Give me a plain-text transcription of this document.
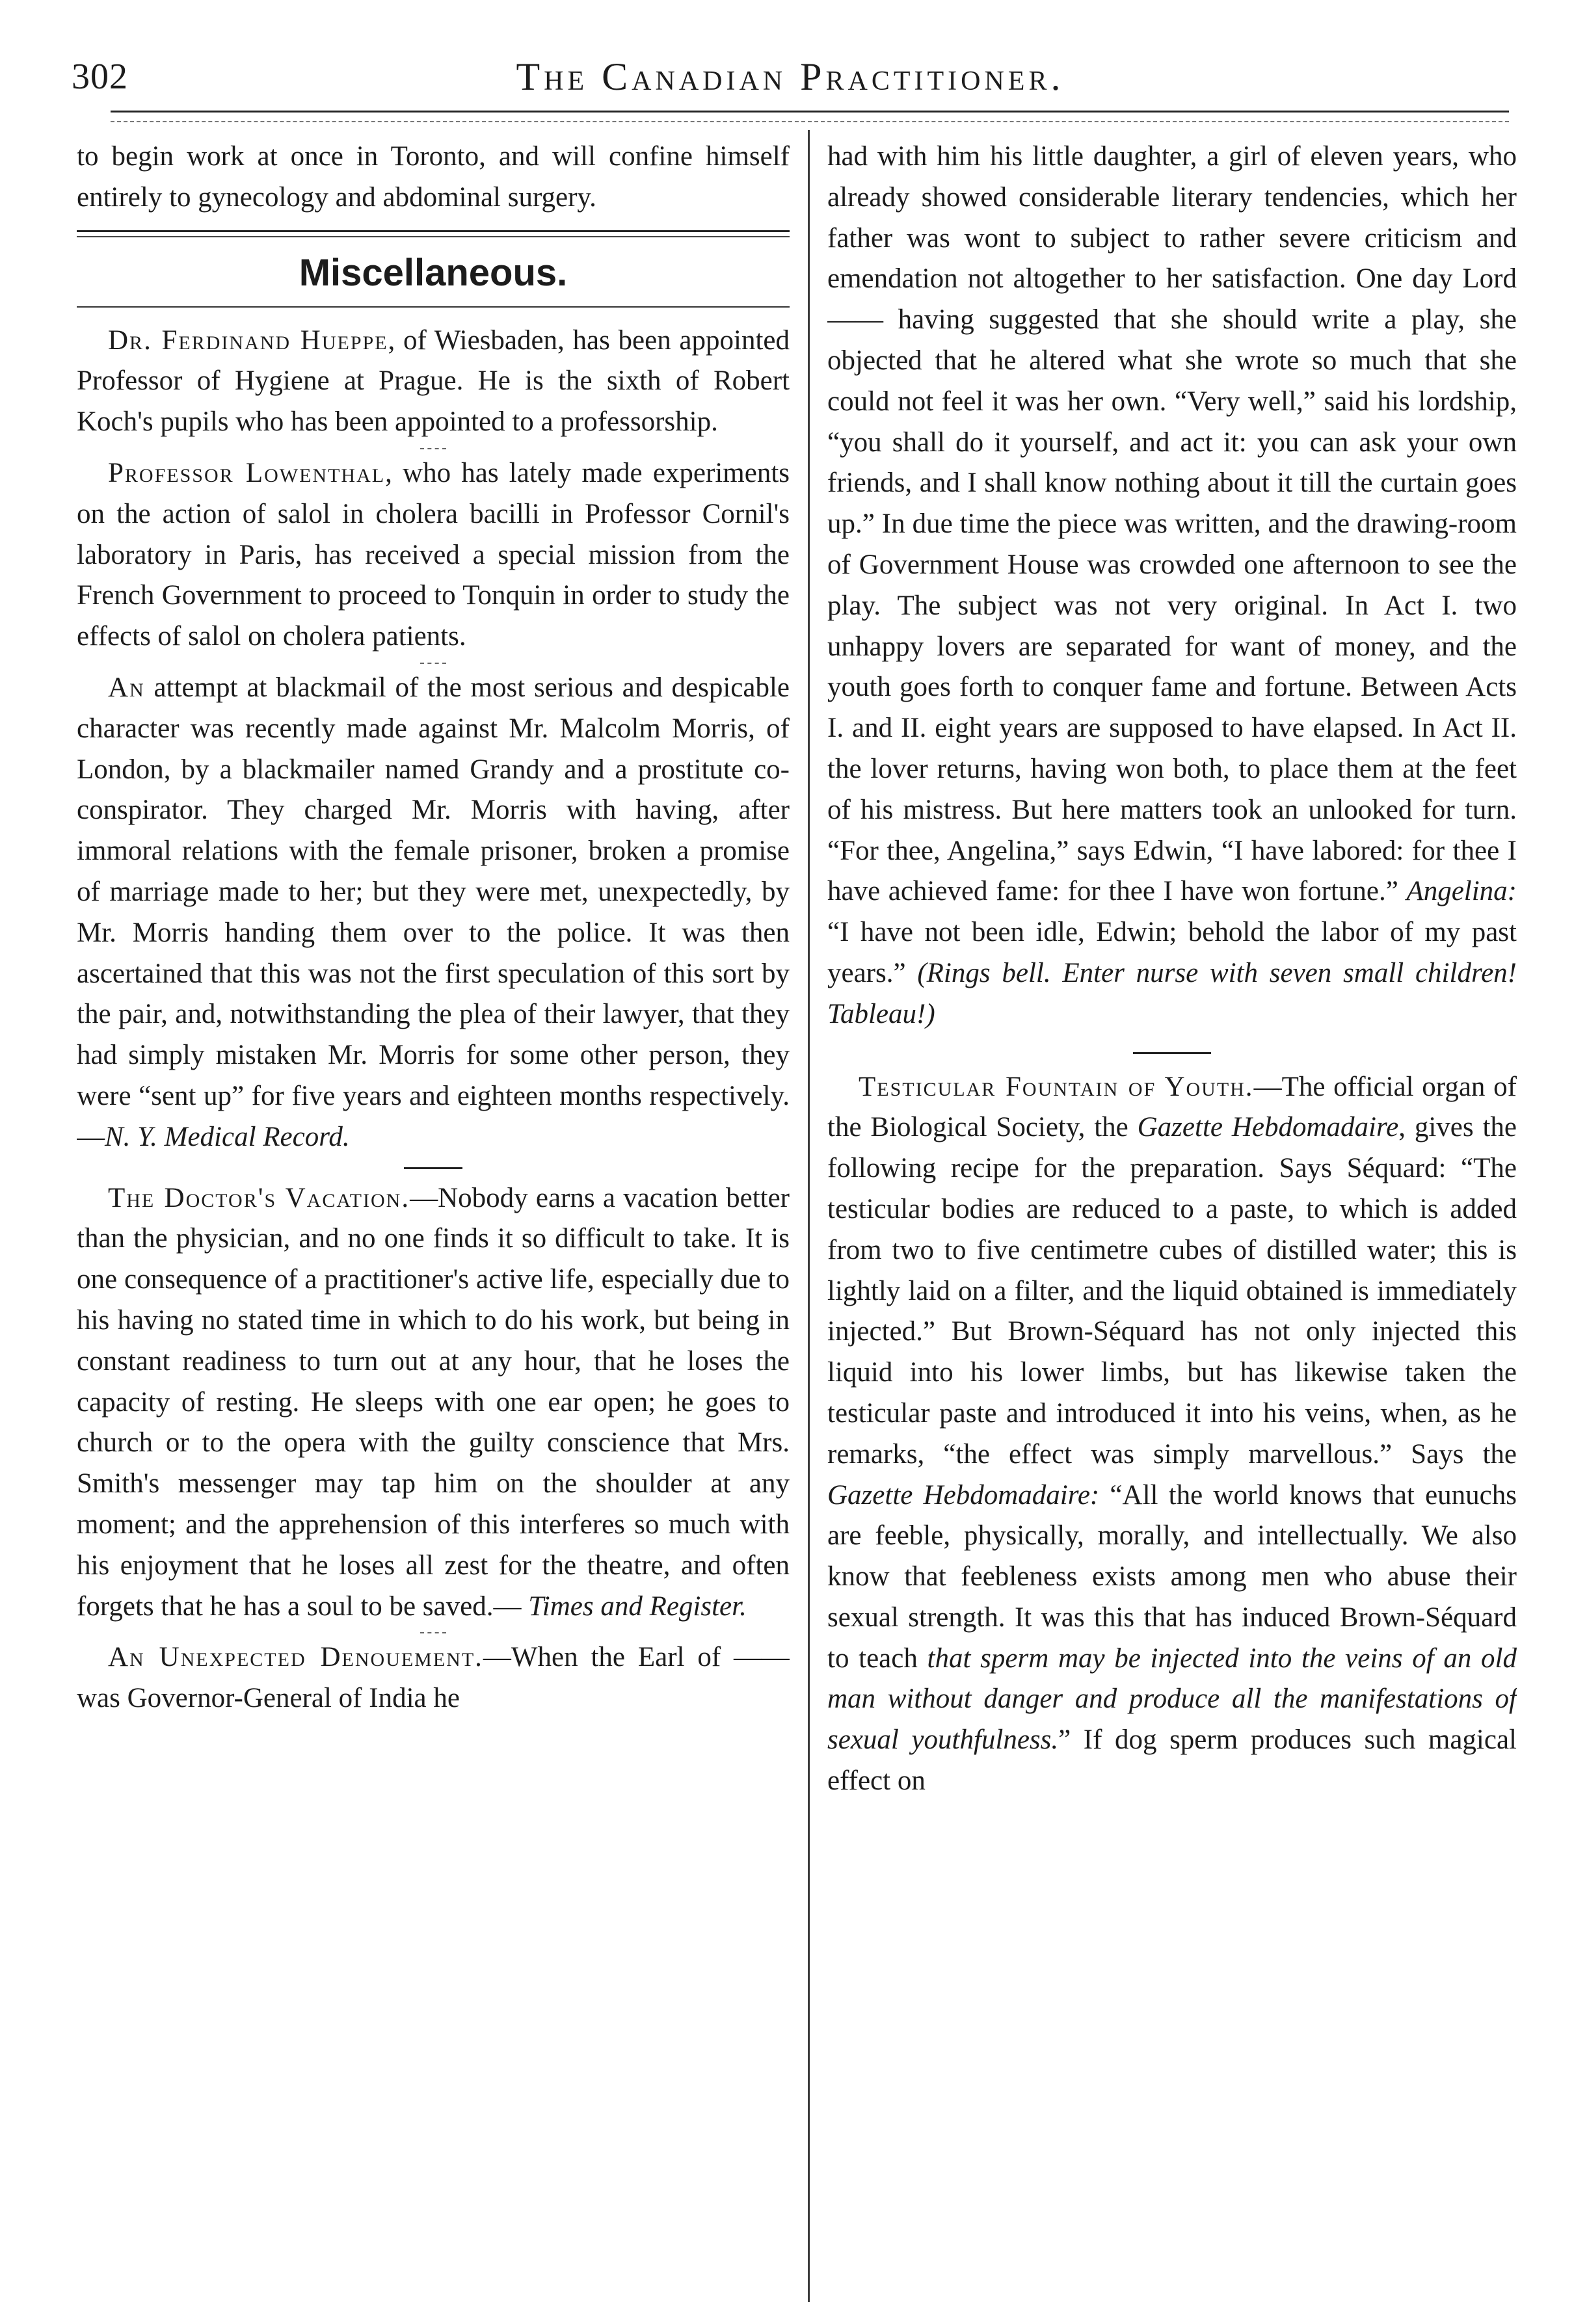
302	The Canadian Practitioner.

to begin work at once in Toronto, and will confine himself entirely to gynecology and abdominal surgery.

Miscellaneous.

Dr. Ferdinand Hueppe, of Wiesbaden, has been appointed Professor of Hygiene at Prague. He is the sixth of Robert Koch's pupils who has been appointed to a professorship.

Professor Lowenthal, who has lately made experiments on the action of salol in cholera bacilli in Professor Cornil's laboratory in Paris, has received a special mission from the French Government to proceed to Tonquin in order to study the effects of salol on cholera patients.

An attempt at blackmail of the most serious and despicable character was recently made against Mr. Malcolm Morris, of London, by a blackmailer named Grandy and a prostitute co-conspirator. They charged Mr. Morris with having, after immoral relations with the female prisoner, broken a promise of marriage made to her; but they were met, unexpectedly, by Mr. Morris handing them over to the police. It was then ascertained that this was not the first speculation of this sort by the pair, and, notwithstanding the plea of their lawyer, that they had simply mistaken Mr. Morris for some other person, they were “sent up” for five years and eighteen months respectively.—N. Y. Medical Record.

The Doctor's Vacation.—Nobody earns a vacation better than the physician, and no one finds it so difficult to take. It is one consequence of a practitioner's active life, especially due to his having no stated time in which to do his work, but being in constant readiness to turn out at any hour, that he loses the capacity of resting. He sleeps with one ear open; he goes to church or to the opera with the guilty conscience that Mrs. Smith's messenger may tap him on the shoulder at any moment; and the apprehension of this interferes so much with his enjoyment that he loses all zest for the theatre, and often forgets that he has a soul to be saved.— Times and Register.

An Unexpected Denouement.—When the Earl of —— was Governor-General of India he

had with him his little daughter, a girl of eleven years, who already showed considerable literary tendencies, which her father was wont to subject to rather severe criticism and emendation not altogether to her satisfaction. One day Lord —— having suggested that she should write a play, she objected that he altered what she wrote so much that she could not feel it was her own. “Very well,” said his lordship, “you shall do it yourself, and act it: you can ask your own friends, and I shall know nothing about it till the curtain goes up.” In due time the piece was written, and the drawing-room of Government House was crowded one afternoon to see the play. The subject was not very original. In Act I. two unhappy lovers are separated for want of money, and the youth goes forth to conquer fame and fortune. Between Acts I. and II. eight years are supposed to have elapsed. In Act II. the lover returns, having won both, to place them at the feet of his mistress. But here matters took an unlooked for turn. “For thee, Angelina,” says Edwin, “I have labored: for thee I have achieved fame: for thee I have won fortune.” Angelina: “I have not been idle, Edwin; behold the labor of my past years.” (Rings bell. Enter nurse with seven small children! Tableau!)

Testicular Fountain of Youth.—The official organ of the Biological Society, the Gazette Hebdomadaire, gives the following recipe for the preparation. Says Séquard: “The testicular bodies are reduced to a paste, to which is added from two to five centimetre cubes of distilled water; this is lightly laid on a filter, and the liquid obtained is immediately injected.” But Brown-Séquard has not only injected this liquid into his lower limbs, but has likewise taken the testicular paste and introduced it into his veins, when, as he remarks, “the effect was simply marvellous.” Says the Gazette Hebdomadaire: “All the world knows that eunuchs are feeble, physically, morally, and intellectually. We also know that feebleness exists among men who abuse their sexual strength. It was this that has induced Brown-Séquard to teach that sperm may be injected into the veins of an old man without danger and produce all the manifestations of sexual youthfulness.” If dog sperm produces such magical effect on
